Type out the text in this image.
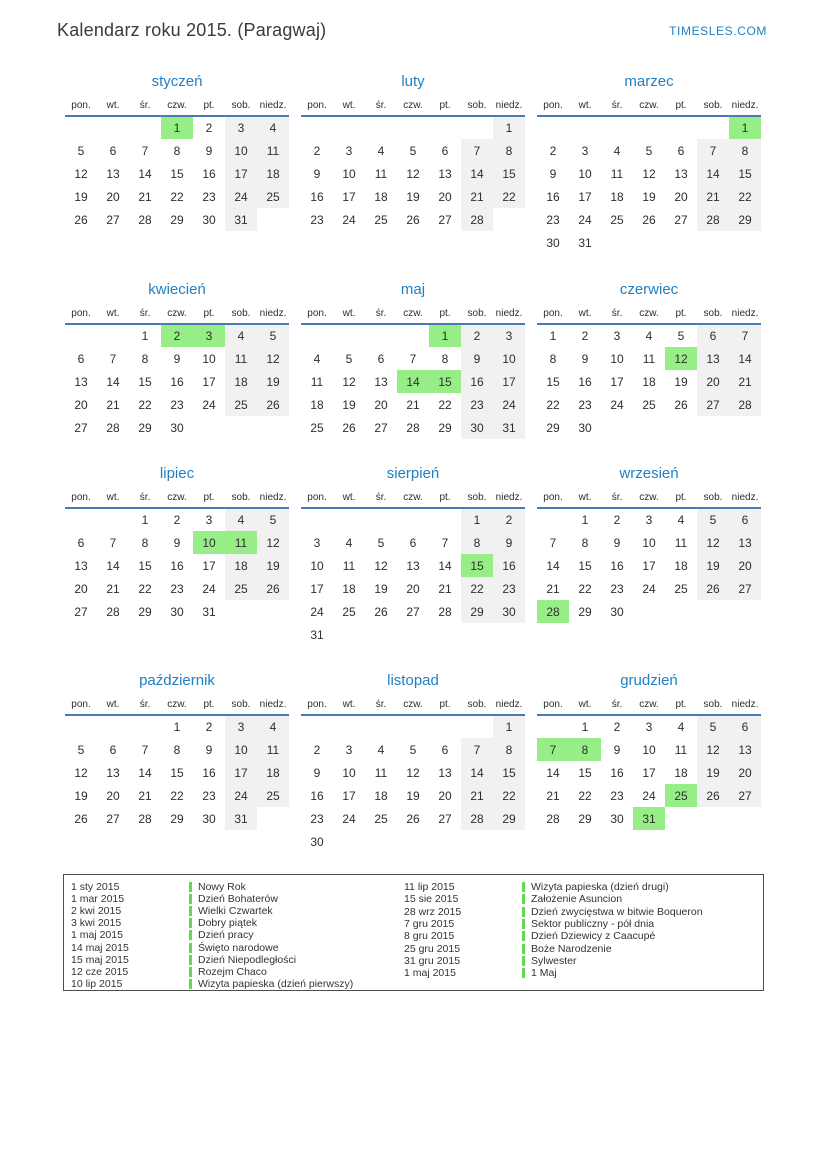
Kalendarz roku 2015. (Paragwaj)	TIMESLES.COM
styczeń
pon.	wt.	śr.	czw.	pt.	sob.	niedz.
			1	2	3	4
5	6	7	8	9	10	11
12	13	14	15	16	17	18
19	20	21	22	23	24	25
26	27	28	29	30	31	
luty
pon.	wt.	śr.	czw.	pt.	sob.	niedz.
						1
2	3	4	5	6	7	8
9	10	11	12	13	14	15
16	17	18	19	20	21	22
23	24	25	26	27	28	
marzec
pon.	wt.	śr.	czw.	pt.	sob.	niedz.
						1
2	3	4	5	6	7	8
9	10	11	12	13	14	15
16	17	18	19	20	21	22
23	24	25	26	27	28	29
30	31					
kwiecień
pon.	wt.	śr.	czw.	pt.	sob.	niedz.
		1	2	3	4	5
6	7	8	9	10	11	12
13	14	15	16	17	18	19
20	21	22	23	24	25	26
27	28	29	30			
maj
pon.	wt.	śr.	czw.	pt.	sob.	niedz.
				1	2	3
4	5	6	7	8	9	10
11	12	13	14	15	16	17
18	19	20	21	22	23	24
25	26	27	28	29	30	31
czerwiec
pon.	wt.	śr.	czw.	pt.	sob.	niedz.
1	2	3	4	5	6	7
8	9	10	11	12	13	14
15	16	17	18	19	20	21
22	23	24	25	26	27	28
29	30					
lipiec
pon.	wt.	śr.	czw.	pt.	sob.	niedz.
		1	2	3	4	5
6	7	8	9	10	11	12
13	14	15	16	17	18	19
20	21	22	23	24	25	26
27	28	29	30	31		
sierpień
pon.	wt.	śr.	czw.	pt.	sob.	niedz.
					1	2
3	4	5	6	7	8	9
10	11	12	13	14	15	16
17	18	19	20	21	22	23
24	25	26	27	28	29	30
31						
wrzesień
pon.	wt.	śr.	czw.	pt.	sob.	niedz.
	1	2	3	4	5	6
7	8	9	10	11	12	13
14	15	16	17	18	19	20
21	22	23	24	25	26	27
28	29	30				
październik
pon.	wt.	śr.	czw.	pt.	sob.	niedz.
			1	2	3	4
5	6	7	8	9	10	11
12	13	14	15	16	17	18
19	20	21	22	23	24	25
26	27	28	29	30	31	
listopad
pon.	wt.	śr.	czw.	pt.	sob.	niedz.
						1
2	3	4	5	6	7	8
9	10	11	12	13	14	15
16	17	18	19	20	21	22
23	24	25	26	27	28	29
30						
grudzień
pon.	wt.	śr.	czw.	pt.	sob.	niedz.
	1	2	3	4	5	6
7	8	9	10	11	12	13
14	15	16	17	18	19	20
21	22	23	24	25	26	27
28	29	30	31			
1 sty 2015	Nowy Rok
1 mar 2015	Dzień Bohaterów
2 kwi 2015	Wielki Czwartek
3 kwi 2015	Dobry piątek
1 maj 2015	Dzień pracy
14 maj 2015	Święto narodowe
15 maj 2015	Dzień Niepodległości
12 cze 2015	Rozejm Chaco
10 lip 2015	Wizyta papieska (dzień pierwszy)
11 lip 2015	Wizyta papieska (dzień drugi)
15 sie 2015	Założenie Asuncion
28 wrz 2015	Dzień zwycięstwa w bitwie Boqueron
7 gru 2015	Sektor publiczny - pół dnia
8 gru 2015	Dzień Dziewicy z Caacupé
25 gru 2015	Boże Narodzenie
31 gru 2015	Sylwester
1 maj 2015	1 Maj
